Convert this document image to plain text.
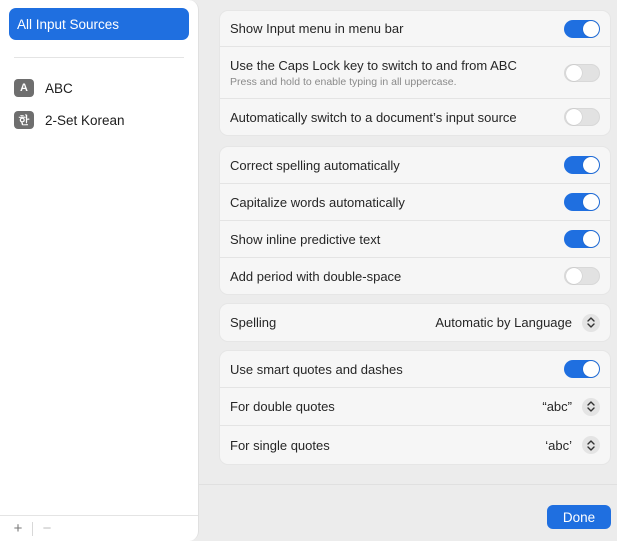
All Input Sources
A	ABC
한	2-Set Korean
+ −
Show Input menu in menu bar
Use the Caps Lock key to switch to and from ABC
Press and hold to enable typing in all uppercase.
Automatically switch to a document’s input source
Correct spelling automatically
Capitalize words automatically
Show inline predictive text
Add period with double-space
Spelling	Automatic by Language
Use smart quotes and dashes
For double quotes	“abc”
For single quotes	‘abc’
Done
